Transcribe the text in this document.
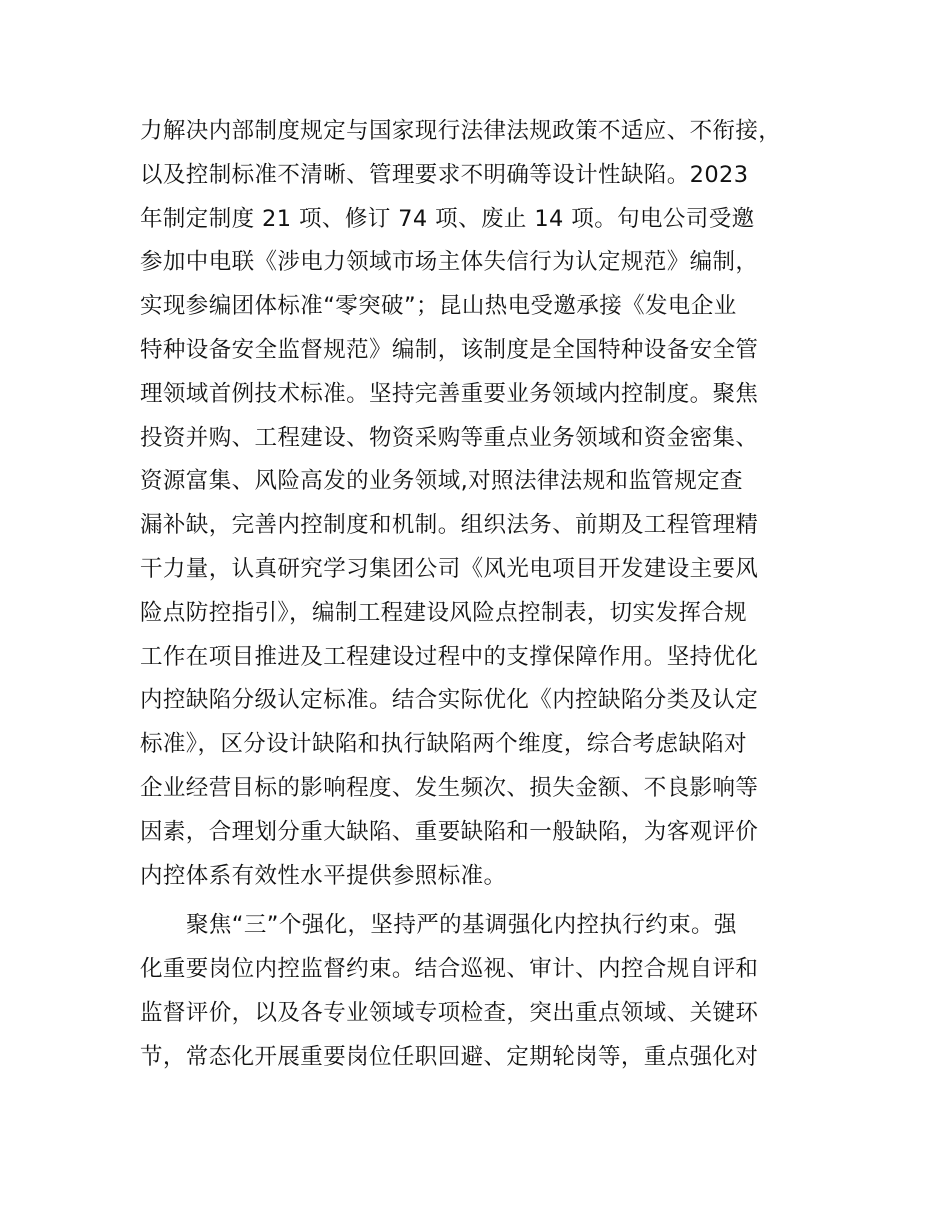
力解决内部制度规定与国家现行法律法规政策不适应、不衔接，
以及控制标准不清晰、管理要求不明确等设计性缺陷。2023
年制定制度 21 项、修订 74 项、废止 14 项。句电公司受邀
参加中电联《涉电力领域市场主体失信行为认定规范》编制，
实现参编团体标准“零突破”；昆山热电受邀承接《发电企业
特种设备安全监督规范》编制，该制度是全国特种设备安全管
理领域首例技术标准。坚持完善重要业务领域内控制度。聚焦
投资并购、工程建设、物资采购等重点业务领域和资金密集、
资源富集、风险高发的业务领域,对照法律法规和监管规定查
漏补缺，完善内控制度和机制。组织法务、前期及工程管理精
干力量，认真研究学习集团公司《风光电项目开发建设主要风
险点防控指引》，编制工程建设风险点控制表，切实发挥合规
工作在项目推进及工程建设过程中的支撑保障作用。坚持优化
内控缺陷分级认定标准。结合实际优化《内控缺陷分类及认定
标准》，区分设计缺陷和执行缺陷两个维度，综合考虑缺陷对
企业经营目标的影响程度、发生频次、损失金额、不良影响等
因素，合理划分重大缺陷、重要缺陷和一般缺陷，为客观评价
内控体系有效性水平提供参照标准。
聚焦“三”个强化，坚持严的基调强化内控执行约束。强
化重要岗位内控监督约束。结合巡视、审计、内控合规自评和
监督评价，以及各专业领域专项检查，突出重点领域、关键环
节，常态化开展重要岗位任职回避、定期轮岗等，重点强化对
